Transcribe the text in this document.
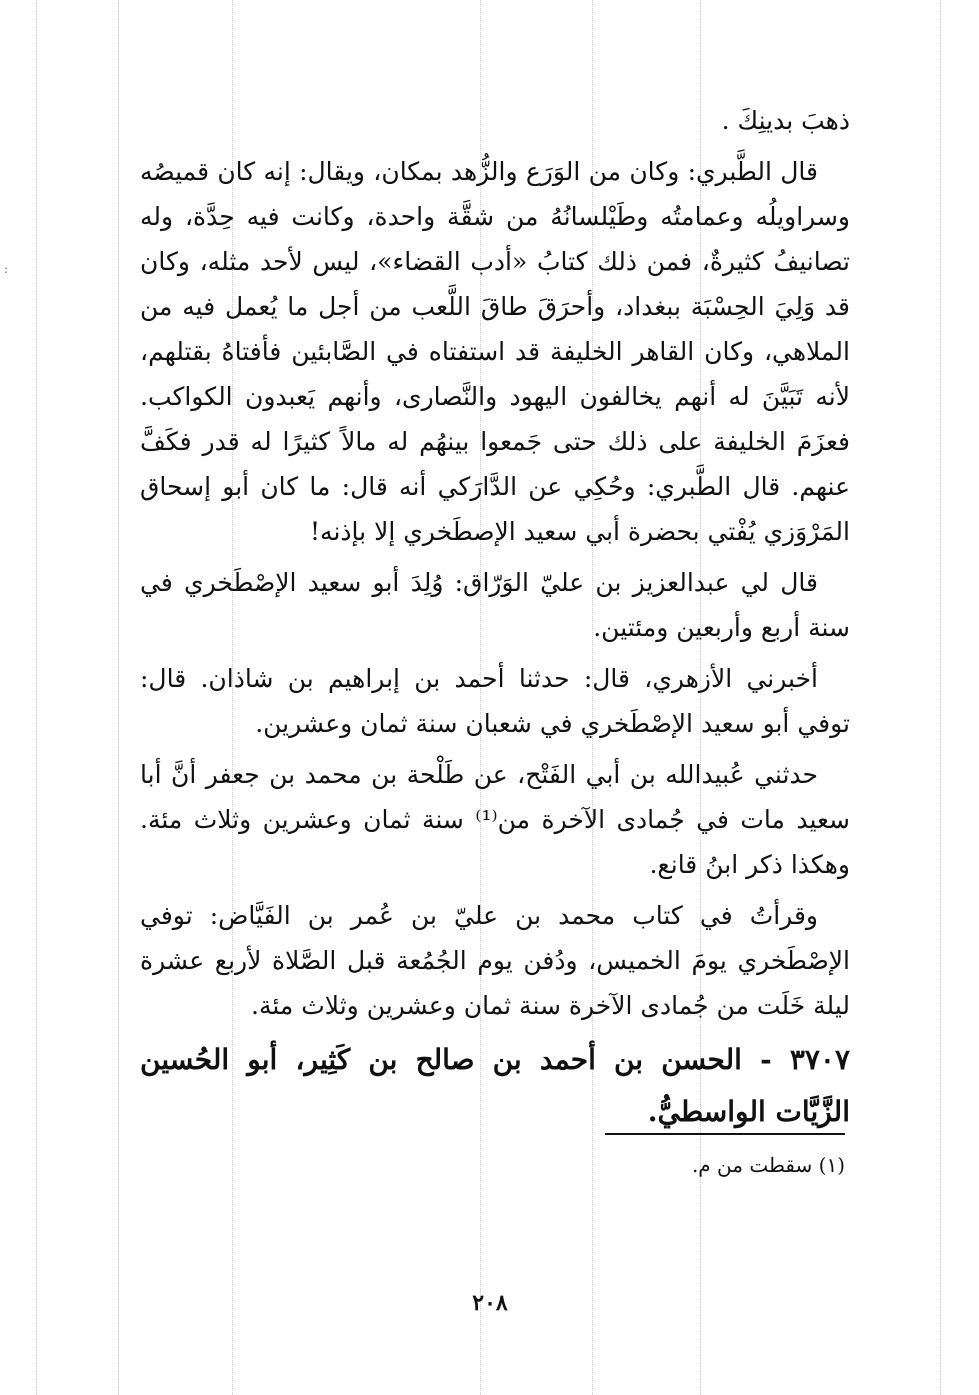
:

ذهبَ بدينِكَ .

قال الطَّبري: وكان من الوَرَع والزُّهد بمكان، ويقال: إنه كان قميصُه وسراويلُه وعمامتُه وطَيْلسانُهُ من شقَّة واحدة، وكانت فيه حِدَّة، وله تصانيفُ كثيرةٌ، فمن ذلك كتابُ «أدب القضاء»، ليس لأحد مثله، وكان قد وَلِيَ الحِسْبَة ببغداد، وأحرَقَ طاقَ اللَّعب من أجل ما يُعمل فيه من الملاهي، وكان القاهر الخليفة قد استفتاه في الصَّابئين فأفتاهُ بقتلهم، لأنه تَبَيَّنَ له أنهم يخالفون اليهود والنَّصارى، وأنهم يَعبدون الكواكب. فعزَمَ الخليفة على ذلك حتى جَمعوا بينهُم له مالاً كثيرًا له قدر فكَفَّ عنهم. قال الطَّبري: وحُكِي عن الدَّارَكي أنه قال: ما كان أبو إسحاق المَرْوَزي يُفْتي بحضرة أبي سعيد الإصطَخري إلا بإذنه!

قال لي عبدالعزيز بن عليّ الوَرّاق: وُلِدَ أبو سعيد الإصْطَخري في سنة أربع وأربعين ومئتين.

أخبرني الأزهري، قال: حدثنا أحمد بن إبراهيم بن شاذان. قال: توفي أبو سعيد الإصْطَخري في شعبان سنة ثمان وعشرين.

حدثني عُبيدالله بن أبي الفَتْح، عن طَلْحة بن محمد بن جعفر أنَّ أبا سعيد مات في جُمادى الآخرة من⁽¹⁾ سنة ثمان وعشرين وثلاث مئة. وهكذا ذكر ابنُ قانع.

وقرأتُ في كتاب محمد بن عليّ بن عُمر بن الفَيَّاض: توفي الإصْطَخري يومَ الخميس، ودُفن يوم الجُمُعة قبل الصَّلاة لأربع عشرة ليلة خَلَت من جُمادى الآخرة سنة ثمان وعشرين وثلاث مئة.

٣٧٠٧ - الحسن بن أحمد بن صالح بن كَثِير، أبو الحُسين الزَّيَّات الواسطيُّ.

(١) سقطت من م.
٢٠٨
